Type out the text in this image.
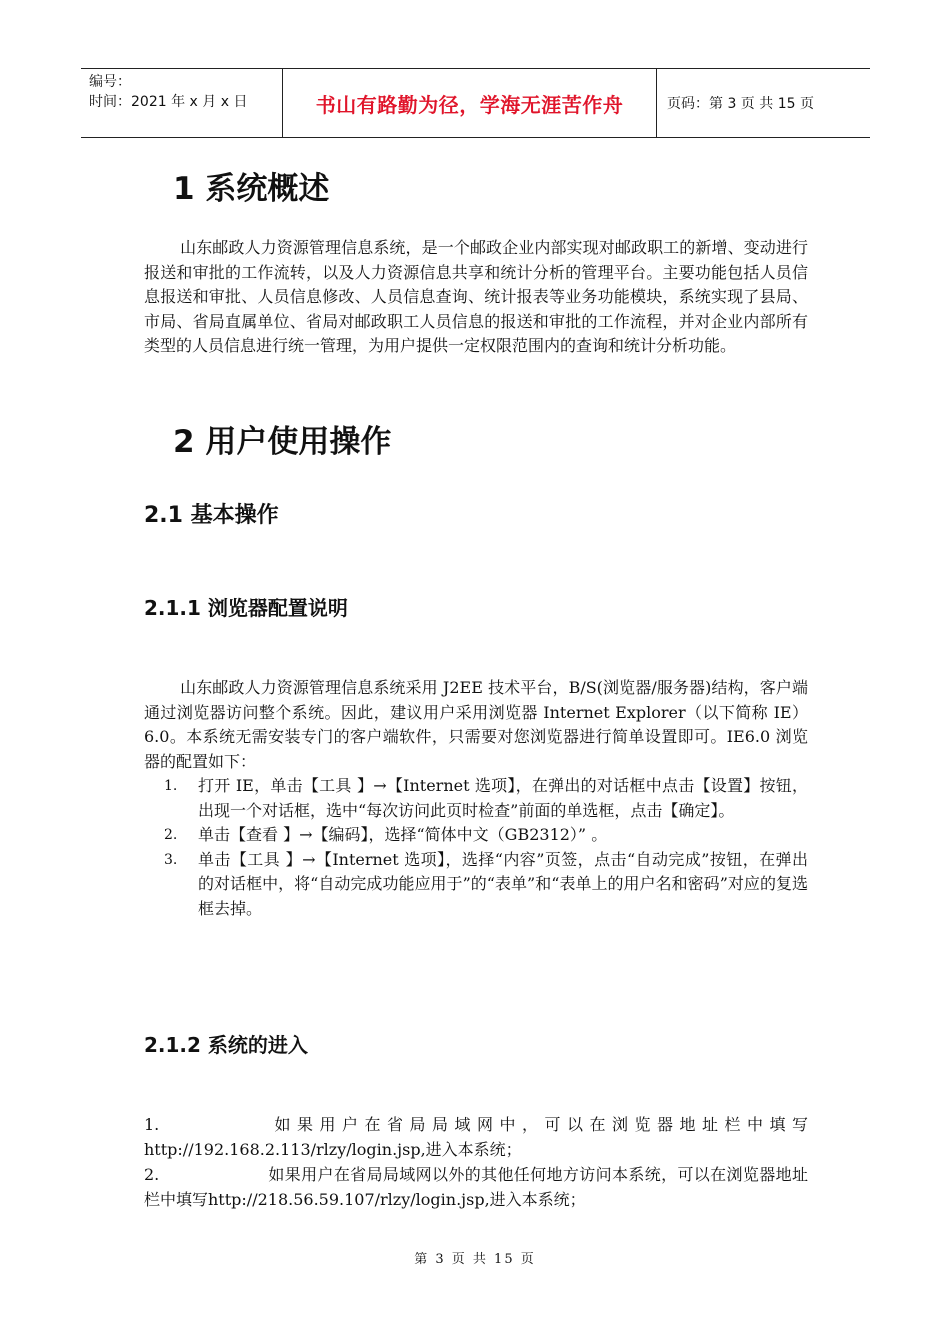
编号：
时间：2021 年 x 月 x 日	书山有路勤为径，学海无涯苦作舟	页码：第 3 页 共 15 页
1 系统概述
山东邮政人力资源管理信息系统，是一个邮政企业内部实现对邮政职工的新增、变动进行报送和审批的工作流转，以及人力资源信息共享和统计分析的管理平台。主要功能包括人员信息报送和审批、人员信息修改、人员信息查询、统计报表等业务功能模块，系统实现了县局、市局、省局直属单位、省局对邮政职工人员信息的报送和审批的工作流程，并对企业内部所有类型的人员信息进行统一管理，为用户提供一定权限范围内的查询和统计分析功能。
2 用户使用操作
2.1 基本操作
2.1.1 浏览器配置说明
山东邮政人力资源管理信息系统采用 J2EE 技术平台，B/S(浏览器/服务器)结构，客户端通过浏览器访问整个系统。因此，建议用户采用浏览器 Internet Explorer（以下简称 IE）6.0。本系统无需安装专门的客户端软件，只需要对您浏览器进行简单设置即可。IE6.0 浏览器的配置如下：
1. 打开 IE，单击【工具 】→【Internet 选项】，在弹出的对话框中点击【设置】按钮，出现一个对话框，选中“每次访问此页时检查”前面的单选框，点击【确定】。
2. 单击【查看 】→【编码】，选择“简体中文（GB2312）” 。
3. 单击【工具 】→【Internet 选项】，选择“内容”页签，点击“自动完成”按钮，在弹出的对话框中，将“自动完成功能应用于”的“表单”和“表单上的用户名和密码”对应的复选框去掉。
2.1.2 系统的进入
1.	如果用户在省局局域网中，可以在浏览器地址栏中填写http://192.168.2.113/rlzy/login.jsp,进入本系统；
2.	如果用户在省局局域网以外的其他任何地方访问本系统，可以在浏览器地址栏中填写http://218.56.59.107/rlzy/login.jsp,进入本系统；
第 3 页 共 15 页
